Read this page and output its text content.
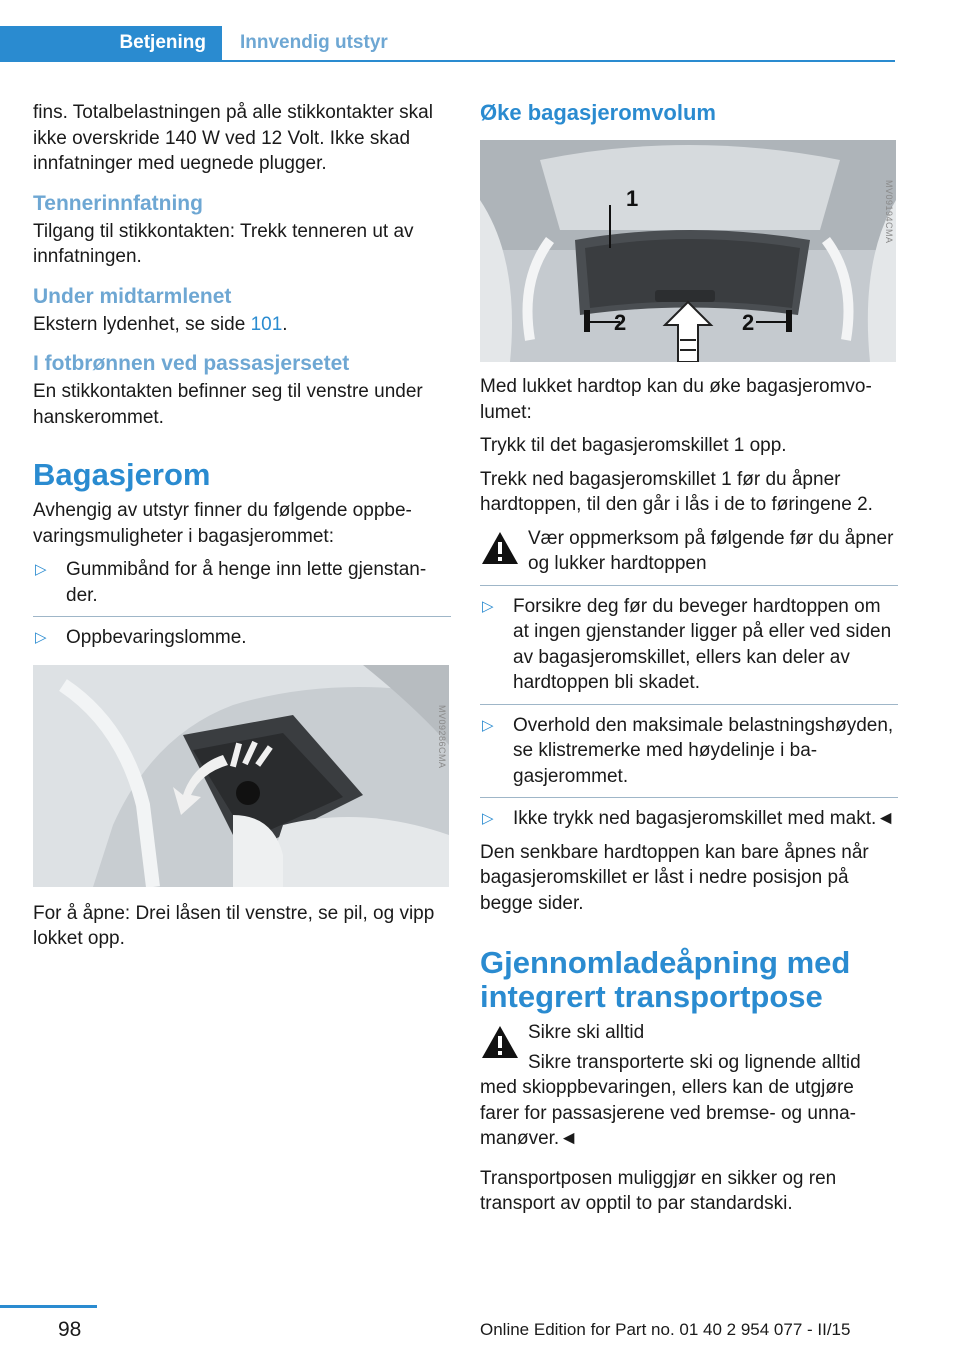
Betjening	Innvendig utstyr

fins. Totalbelastningen på alle stikkontakter skal ikke overskride 140 W ved 12 Volt. Ikke skad innfatninger med uegnede plugger.

Tennerinnfatning

Tilgang til stikkontakten: Trekk tenneren ut av innfatningen.

Under midtarmlenet

Ekstern lydenhet, se side 101.

I fotbrønnen ved passasjersetet

En stikkontakten befinner seg til venstre under hanskerommet.

Bagasjerom

Avhengig av utstyr finner du følgende oppbevaringsmuligheter i bagasjerommet:

▷ Gummibånd for å henge inn lette gjenstander.
▷ Oppbevaringslomme.
MV09286CMA

For å åpne: Drei låsen til venstre, se pil, og vipp lokket opp.

Øke bagasjeromvolum
1
2	2
MV09194CMA

Med lukket hardtop kan du øke bagasjeromvolumet:

Trykk til det bagasjeromskillet 1 opp.

Trekk ned bagasjeromskillet 1 før du åpner hardtoppen, til den går i lås i de to føringene 2.

Vær oppmerksom på følgende før du åpner og lukker hardtoppen

▷ Forsikre deg før du beveger hardtoppen om at ingen gjenstander ligger på eller ved siden av bagasjeromskillet, ellers kan deler av hardtoppen bli skadet.
▷ Overhold den maksimale belastningshøyden, se klistremerke med høydelinje i bagasjerommet.
▷ Ikke trykk ned bagasjeromskillet med makt.◄

Den senkbare hardtoppen kan bare åpnes når bagasjeromskillet er låst i nedre posisjon på begge sider.

Gjennomladeåpning med integrert transportpose

Sikre ski alltid

Sikre transporterte ski og lignende alltid med skioppbevaringen, ellers kan de utgjøre farer for passasjerene ved bremse- og unnamanøver.◄

Transportposen muliggjør en sikker og ren transport av opptil to par standardski.

98	Online Edition for Part no. 01 40 2 954 077 - II/15
